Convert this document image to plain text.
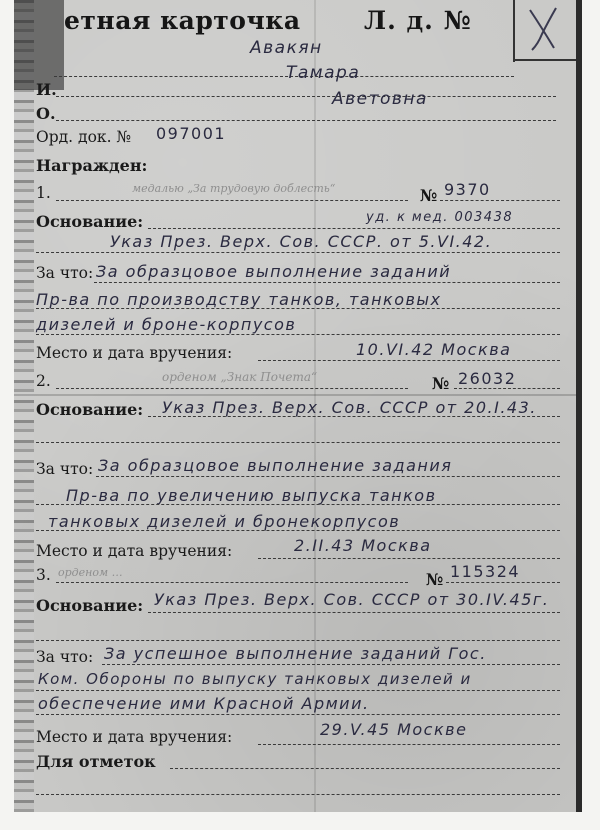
етная карточка	Л. д. №
Авакян
И.
Тамара
О.
Аветовна
Орд. док. № 097001
Награжден:
1.	медалью „За трудовую доблесть“	№ 9370
Основание:	уд. к мед. 003438
Указ През. Верх. Сов. СССР. от 5.VI.42.
За что: За образцовое выполнение заданий
Пр-ва по производству танков, танковых
дизелей и броне-корпусов
Место и дата вручения:	10.VI.42 Москва
2.	орденом „Знак Почета“	№ 26032
Основание: Указ През. Верх. Сов. СССР от 20.I.43.
За что: За образцовое выполнение задания
Пр-ва по увеличению выпуска танков
танковых дизелей и бронекорпусов
Место и дата вручения:	2.II.43 Москва
3. орденом …	№ 115324
Основание: Указ През. Верх. Сов. СССР от 30.IV.45г.
За что: За успешное выполнение заданий Гос.
Ком. Обороны по выпуску танковых дизелей и
обеспечение ими Красной Армии.
Место и дата вручения:	29.V.45 Москве
Для отметок
